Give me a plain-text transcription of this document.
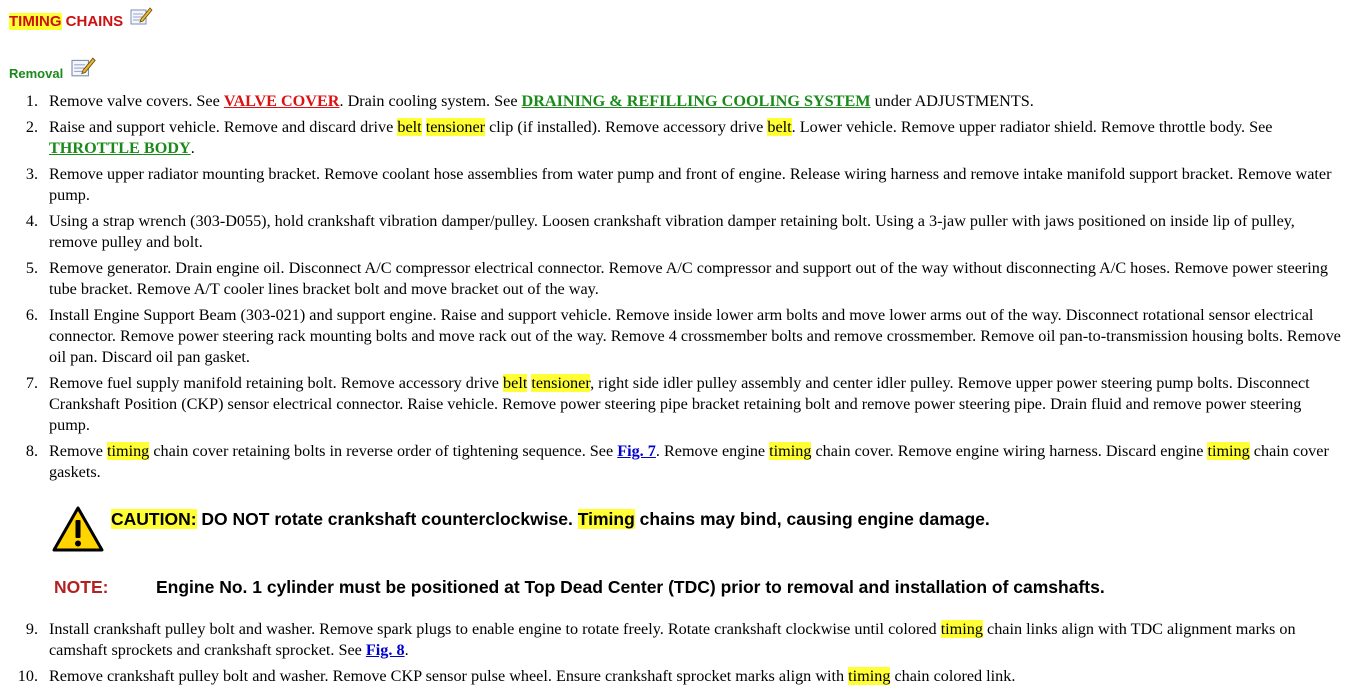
TIMING CHAINS
Removal
1. Remove valve covers. See VALVE COVER. Drain cooling system. See DRAINING & REFILLING COOLING SYSTEM under ADJUSTMENTS.
2. Raise and support vehicle. Remove and discard drive belt tensioner clip (if installed). Remove accessory drive belt. Lower vehicle. Remove upper radiator shield. Remove throttle body. See THROTTLE BODY.
3. Remove upper radiator mounting bracket. Remove coolant hose assemblies from water pump and front of engine. Release wiring harness and remove intake manifold support bracket. Remove water pump.
4. Using a strap wrench (303-D055), hold crankshaft vibration damper/pulley. Loosen crankshaft vibration damper retaining bolt. Using a 3-jaw puller with jaws positioned on inside lip of pulley, remove pulley and bolt.
5. Remove generator. Drain engine oil. Disconnect A/C compressor electrical connector. Remove A/C compressor and support out of the way without disconnecting A/C hoses. Remove power steering tube bracket. Remove A/T cooler lines bracket bolt and move bracket out of the way.
6. Install Engine Support Beam (303-021) and support engine. Raise and support vehicle. Remove inside lower arm bolts and move lower arms out of the way. Disconnect rotational sensor electrical connector. Remove power steering rack mounting bolts and move rack out of the way. Remove 4 crossmember bolts and remove crossmember. Remove oil pan-to-transmission housing bolts. Remove oil pan. Discard oil pan gasket.
7. Remove fuel supply manifold retaining bolt. Remove accessory drive belt tensioner, right side idler pulley assembly and center idler pulley. Remove upper power steering pump bolts. Disconnect Crankshaft Position (CKP) sensor electrical connector. Raise vehicle. Remove power steering pipe bracket retaining bolt and remove power steering pipe. Drain fluid and remove power steering pump.
8. Remove timing chain cover retaining bolts in reverse order of tightening sequence. See Fig. 7. Remove engine timing chain cover. Remove engine wiring harness. Discard engine timing chain cover gaskets.
CAUTION: DO NOT rotate crankshaft counterclockwise. Timing chains may bind, causing engine damage.
NOTE:	Engine No. 1 cylinder must be positioned at Top Dead Center (TDC) prior to removal and installation of camshafts.
9. Install crankshaft pulley bolt and washer. Remove spark plugs to enable engine to rotate freely. Rotate crankshaft clockwise until colored timing chain links align with TDC alignment marks on camshaft sprockets and crankshaft sprocket. See Fig. 8.
10. Remove crankshaft pulley bolt and washer. Remove CKP sensor pulse wheel. Ensure crankshaft sprocket marks align with timing chain colored link.
